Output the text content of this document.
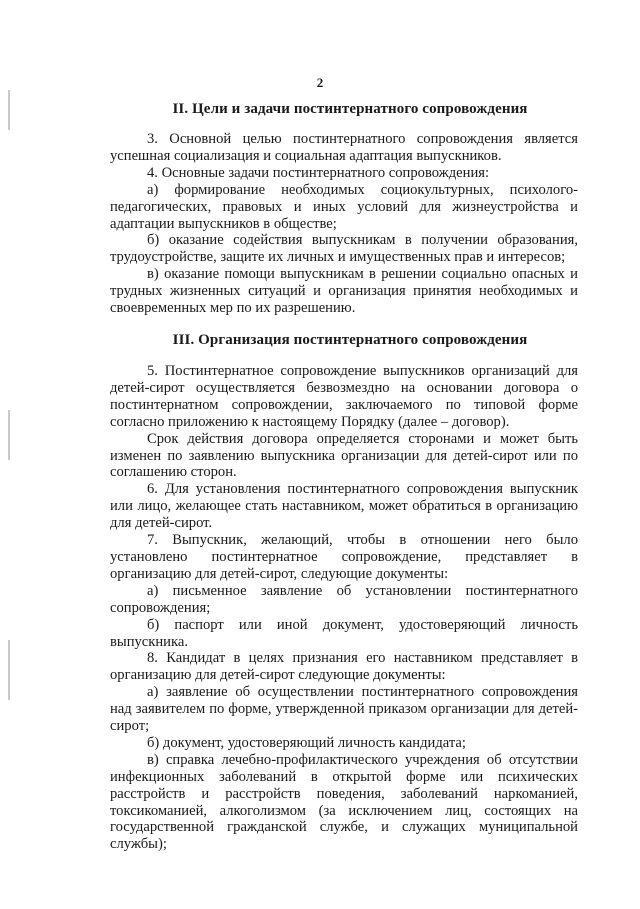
2
II. Цели и задачи постинтернатного сопровождения

3. Основной целью постинтернатного сопровождения является успешная социализация и социальная адаптация выпускников.

4. Основные задачи постинтернатного сопровождения:

а) формирование необходимых социокультурных, психолого-педагогических, правовых и иных условий для жизнеустройства и адаптации выпускников в обществе;

б) оказание содействия выпускникам в получении образования, трудоустройстве, защите их личных и имущественных прав и интересов;

в) оказание помощи выпускникам в решении социально опасных и трудных жизненных ситуаций и организация принятия необходимых и своевременных мер по их разрешению.

III. Организация постинтернатного сопровождения

5. Постинтернатное сопровождение выпускников организаций для детей-сирот осуществляется безвозмездно на основании договора о постинтернатном сопровождении, заключаемого по типовой форме согласно приложению к настоящему Порядку (далее – договор).

Срок действия договора определяется сторонами и может быть изменен по заявлению выпускника организации для детей-сирот или по соглашению сторон.

6. Для установления постинтернатного сопровождения выпускник или лицо, желающее стать наставником, может обратиться в организацию для детей-сирот.

7. Выпускник, желающий, чтобы в отношении него было установлено постинтернатное сопровождение, представляет в организацию для детей-сирот, следующие документы:

а) письменное заявление об установлении постинтернатного сопровождения;

б) паспорт или иной документ, удостоверяющий личность выпускника.

8. Кандидат в целях признания его наставником представляет в организацию для детей-сирот следующие документы:

а) заявление об осуществлении постинтернатного сопровождения над заявителем по форме, утвержденной приказом организации для детей-сирот;

б) документ, удостоверяющий личность кандидата;

в) справка лечебно-профилактического учреждения об отсутствии инфекционных заболеваний в открытой форме или психических расстройств и расстройств поведения, заболеваний наркоманией, токсикоманией, алкоголизмом (за исключением лиц, состоящих на государственной гражданской службе, и служащих муниципальной службы);
